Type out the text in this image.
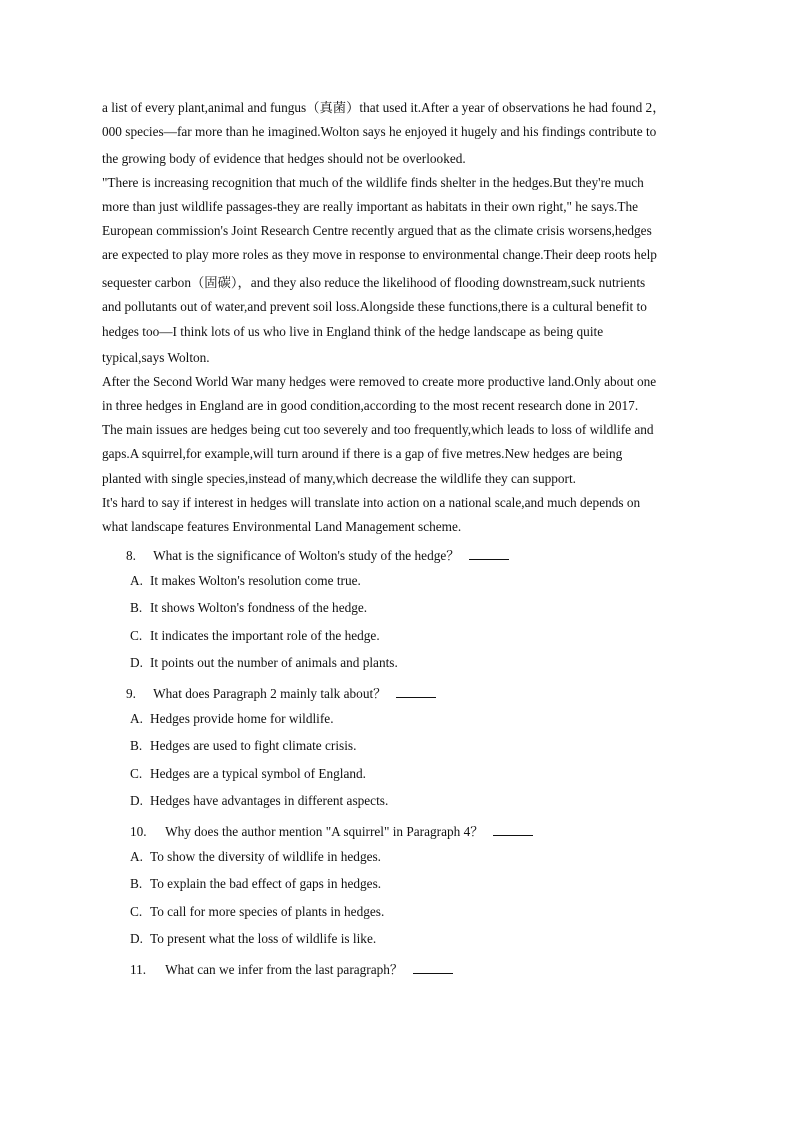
a list of every plant,animal and fungus（真菌）that used it.After a year of observations he had found 2，
000 species—far more than he imagined.Wolton says he enjoyed it hugely and his findings contribute to
the growing body of evidence that hedges should not be overlooked.
"There is increasing recognition that much of the wildlife finds shelter in the hedges.But they're much
more than just wildlife passages-they are really important as habitats in their own right," he says.The
European commission's Joint Research Centre recently argued that as the climate crisis worsens,hedges
are expected to play more roles as they move in response to environmental change.Their deep roots help
sequester carbon（固碳），and they also reduce the likelihood of flooding downstream,suck nutrients
and pollutants out of water,and prevent soil loss.Alongside these functions,there is a cultural benefit to
hedges too—I think lots of us who live in England think of the hedge landscape as being quite
typical,says Wolton.
After the Second World War many hedges were removed to create more productive land.Only about one
in three hedges in England are in good condition,according to the most recent research done in 2017.
The main issues are hedges being cut too severely and too frequently,which leads to loss of wildlife and
gaps.A squirrel,for example,will turn around if there is a gap of five metres.New hedges are being
planted with single species,instead of many,which decrease the wildlife they can support.
It's hard to say if interest in hedges will translate into action on a national scale,and much depends on
what landscape features Environmental Land Management scheme.
8. What is the significance of Wolton's study of the hedge？
A. It makes Wolton's resolution come true.
B. It shows Wolton's fondness of the hedge.
C. It indicates the important role of the hedge.
D. It points out the number of animals and plants.
9. What does Paragraph 2 mainly talk about？
A. Hedges provide home for wildlife.
B. Hedges are used to fight climate crisis.
C. Hedges are a typical symbol of England.
D. Hedges have advantages in different aspects.
10. Why does the author mention "A squirrel" in Paragraph 4？
A. To show the diversity of wildlife in hedges.
B. To explain the bad effect of gaps in hedges.
C. To call for more species of plants in hedges.
D. To present what the loss of wildlife is like.
11. What can we infer from the last paragraph？
